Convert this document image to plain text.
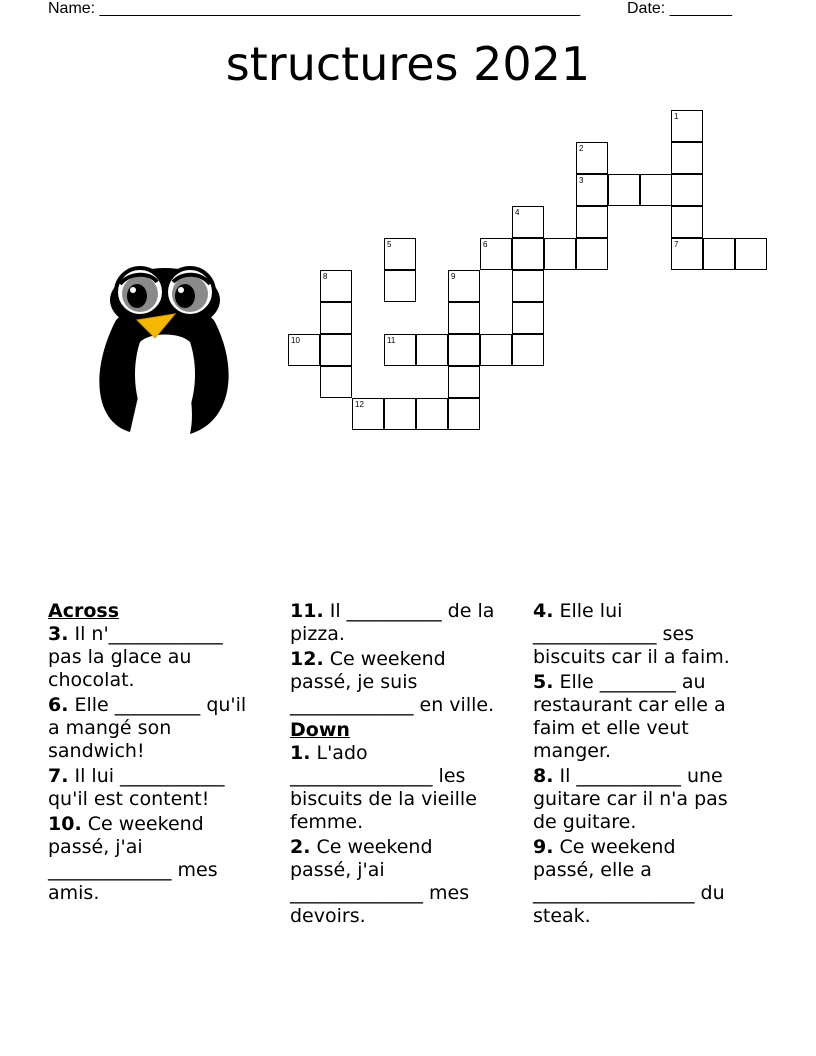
Name: ______________________________________________________	Date: _______
structures 2021
1
7
2
3
4
6
5
9
11
8
10
12
Across
3. Il n'____________ pas la glace au chocolat.
6. Elle _________ qu'il a mangé son sandwich!
7. Il lui ___________ qu'il est content!
10. Ce weekend passé, j'ai _____________ mes amis.
11. Il __________ de la pizza.
12. Ce weekend passé, je suis _____________ en ville.
Down
1. L'ado _______________ les biscuits de la vieille femme.
2. Ce weekend passé, j'ai ______________ mes devoirs.
4. Elle lui _____________ ses biscuits car il a faim.
5. Elle ________ au restaurant car elle a faim et elle veut manger.
8. Il ___________ une guitare car il n'a pas de guitare.
9. Ce weekend passé, elle a _________________ du steak.
